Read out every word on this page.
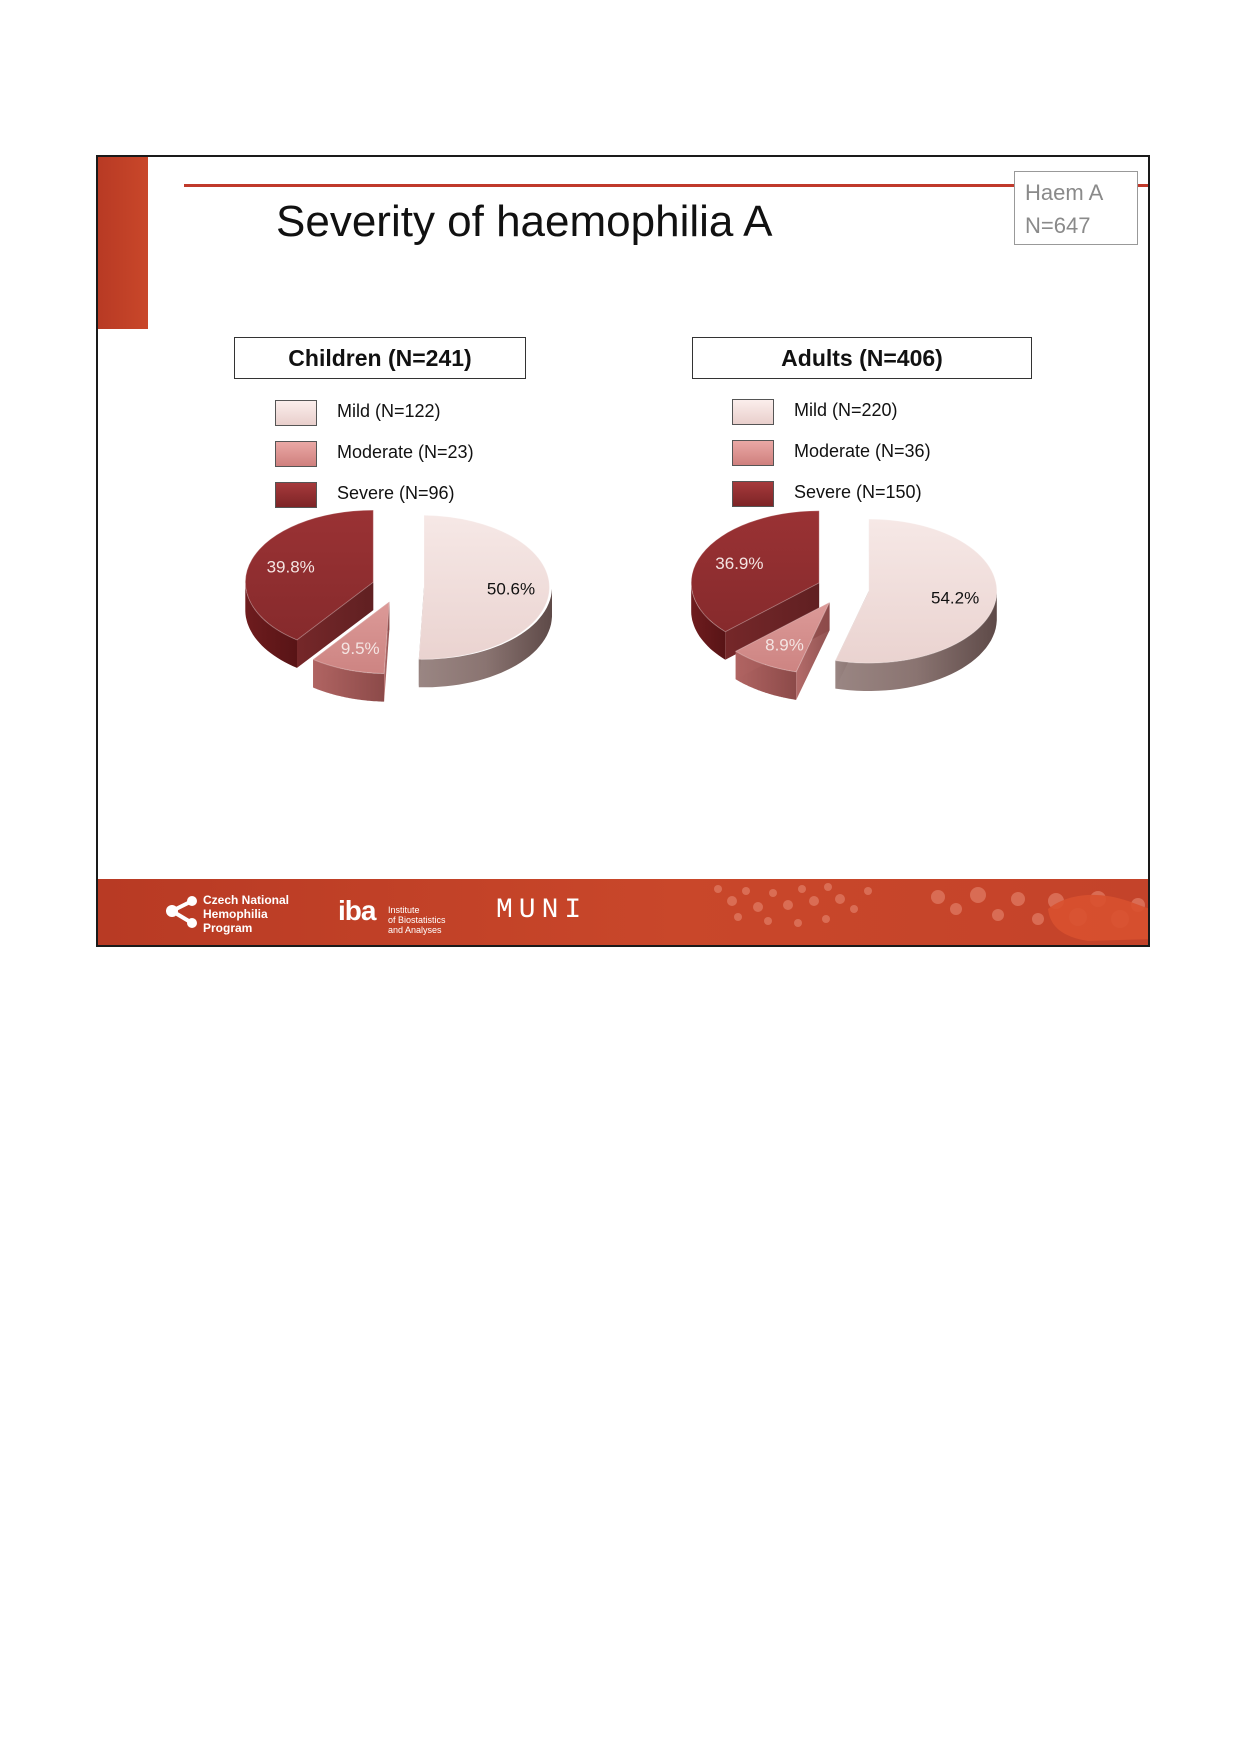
Severity of haemophilia A
Haem A
N=647
Children (N=241)
Mild (N=122)
Moderate (N=23)
Severe (N=96)
Adults (N=406)
Mild (N=220)
Moderate (N=36)
Severe (N=150)
39.8%
9.5%
50.6%
36.9%
8.9%
54.2%
Czech National
Hemophilia
Program
iba Institute
of Biostatistics
and Analyses
MUNI
